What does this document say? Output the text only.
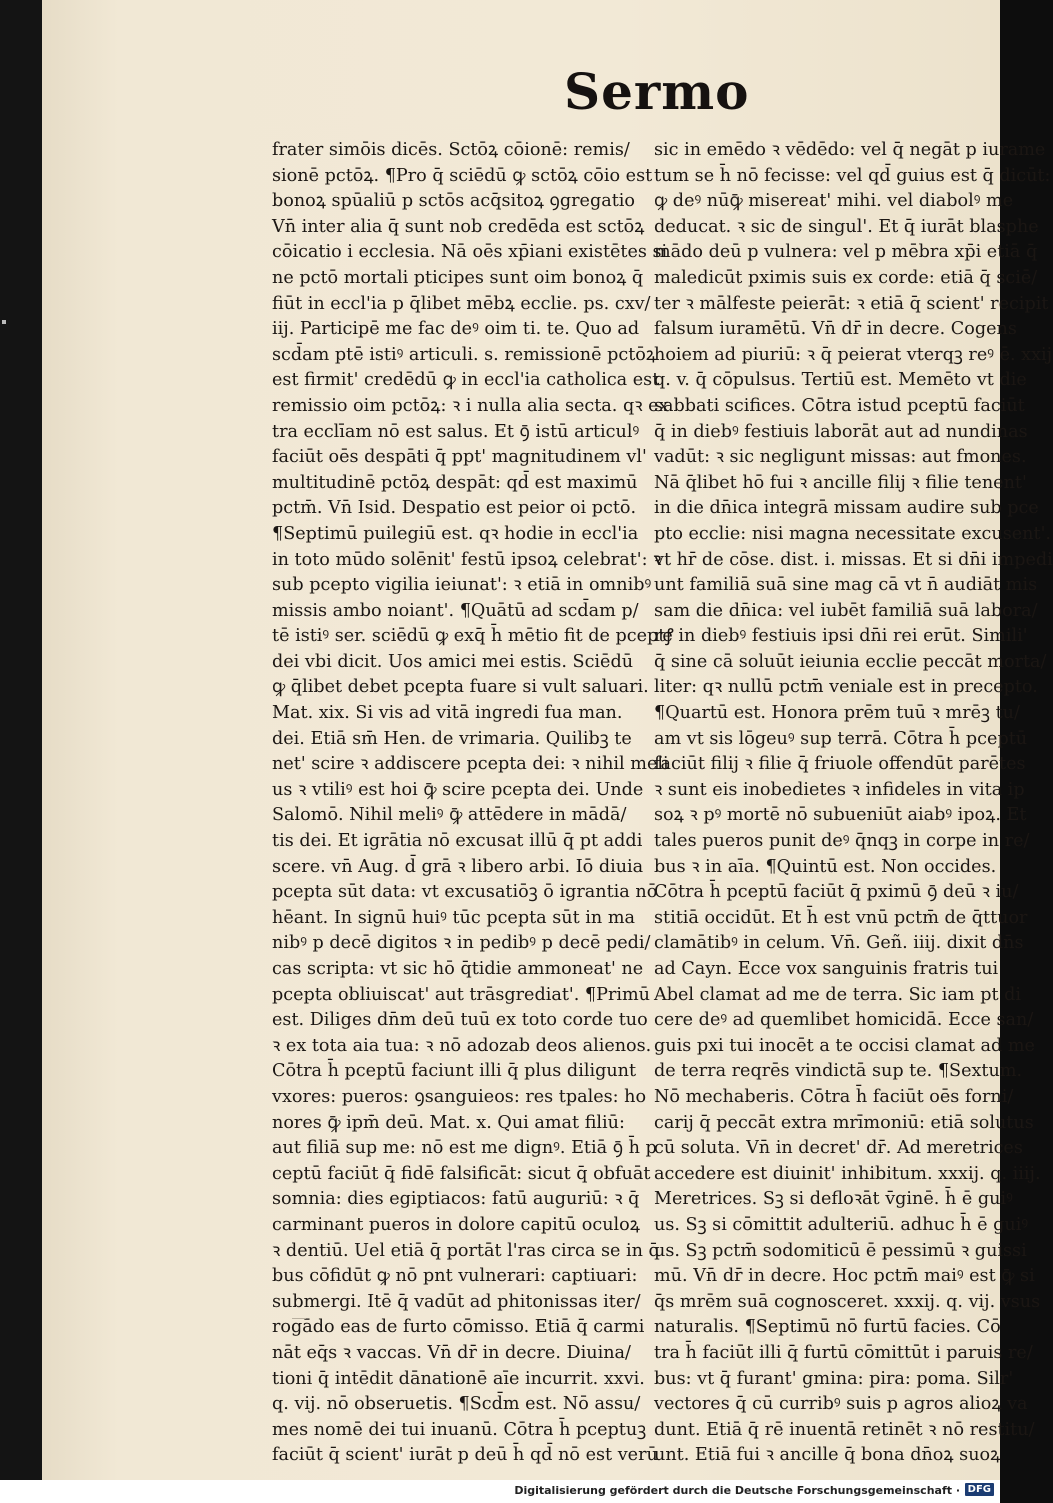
Sermo
frater simōis dicēs. Sctōꝝ cōionē: remis/
sionē pctōꝝ. ¶Pro q̄ sciēdū ꝙ sctōꝝ cōio est
bonoꝝ spūaliū p sctōs acq̄sitoꝝ ꝯgregatio
Vn̄ inter alia q̄ sunt nob credēda est sctōꝝ
cōicatio i ecclesia. Nā oēs xp̄iani existētes si
ne pctō mortali pticipes sunt oim bonoꝝ q̄
fiūt in eccl'ia p q̄libet mēbꝝ ecclie. ps. cxv/
iij. Participē me fac deꝰ oim ti. te. Quo ad
scd̄am ptē istiꝰ articuli. s. remissionē pctōꝝ
est firmit' credēdū ꝙ in eccl'ia catholica est
remissio oim pctōꝝ: ꝛ i nulla alia secta. qꝛ ex
tra ecclīam nō est salus. Et ꝯ̄ istū articulꝰ
faciūt oēs despāti q̄ ppt' magnitudinem vl'
multitudinē pctōꝝ despāt: qd̄ est maximū
pctm̄. Vn̄ Isid. Despatio est peior oi pctō.
¶Septimū puilegiū est. qꝛ hodie in eccl'ia
in toto mūdo solēnit' festū ipsoꝝ celebrat': ꝛ
sub pcepto vigilia ieiunat': ꝛ etiā in omnibꝰ
missis ambo noiant'. ¶Quātū ad scd̄am p/
tē istiꝰ ser. sciēdū ꝙ exq̄ h̄ mētio fit de pceptꝭ
dei vbi dicit. Uos amici mei estis. Sciēdū
ꝙ q̄libet debet pcepta fuare si vult saluari.
Mat. xix. Si vis ad vitā ingredi fua man.
dei. Etiā sm̄ Hen. de vrimaria. Quilibꝫ te
net' scire ꝛ addiscere pcepta dei: ꝛ nihil meli
us ꝛ vtiliꝰ est hoi ꝙ̄ scire pcepta dei. Unde
Salomō. Nihil meliꝰ ꝙ̄ attēdere in mādā/
tis dei. Et igrātia nō excusat illū q̄ pt addi
scere. vn̄ Aug. d̄ grā ꝛ libero arbi. Iō diuia
pcepta sūt data: vt excusatiōꝫ ō igrantia nō
hēant. In signū huiꝰ tūc pcepta sūt in ma
nibꝰ p decē digitos ꝛ in pedibꝰ p decē pedi/
cas scripta: vt sic hō q̄tidie ammoneat' ne
pcepta obliuiscat' aut trāsgrediat'. ¶Primū
est. Diliges dn̄m deū tuū ex toto corde tuo
ꝛ ex tota aia tua: ꝛ nō adozab deos alienos.
Cōtra h̄ pceptū faciunt illi q̄ plus diligunt
vxores: pueros: ꝯsanguieos: res tpales: ho
nores ꝙ̄ ipm̄ deū. Mat. x. Qui amat filiū:
aut filiā sup me: nō est me dignꝰ. Etiā ꝯ̄ h̄ p
ceptū faciūt q̄ fidē falsificāt: sicut q̄ obfuāt
somnia: dies egiptiacos: fatū auguriū: ꝛ q̄
carminant pueros in dolore capitū oculoꝝ
ꝛ dentiū. Uel etiā q̄ portāt l'ras circa se in q̄
bus cōfidūt ꝙ nō pnt vulnerari: captiuari:
submergi. Itē q̄ vadūt ad phitonissas iter/
rogādo eas de furto cōmisso. Etiā q̄ carmi
nāt eq̄s ꝛ vaccas. Vn̄ dr̄ in decre. Diuina/
tioni q̄ intēdit dānationē aīe incurrit. xxvi.
q. vij. nō obseruetis. ¶Scd̄m est. Nō assu/
mes nomē dei tui inuanū. Cōtra h̄ pceptuꝫ
faciūt q̄ scient' iurāt p deū h̄ qd̄ nō est verū
sic in emēdo ꝛ vēdēdo: vel q̄ negāt p iurame
tum se h̄ nō fecisse: vel qd̄ guius est q̄ dicūt:
ꝙ deꝰ nūꝙ̄ misereat' mihi. vel diabolꝰ me
deducat. ꝛ sic de singul'. Et q̄ iurāt blasphe
mādo deū p vulnera: vel p mēbra xp̄i etiā q̄
maledicūt pximis suis ex corde: etiā q̄ sciē/
ter ꝛ mālfeste peierāt: ꝛ etiā q̄ scient' recipit
falsum iuramētū. Vn̄ dr̄ in decre. Cogens
hoiem ad piuriū: ꝛ q̄ peierat vterqꝫ reꝰ ē. xxij
q. v. q̄ cōpulsus. Tertiū est. Memēto vt die
sabbati scifices. Cōtra istud pceptū faciūt
q̄ in diebꝰ festiuis laborāt aut ad nundinas
vadūt: ꝛ sic negligunt missas: aut fmones.
Nā q̄libet hō fui ꝛ ancille filij ꝛ filie tenent'
in die dn̄ica integrā missam audire sub pce
pto ecclie: nisi magna necessitate excusent'.
vt hr̄ de cōse. dist. i. missas. Et si dn̄i impedi
unt familiā suā sine mag cā vt n̄ audiāt mis
sam die dn̄ica: vel iubēt familiā suā labora/
re in diebꝰ festiuis ipsi dn̄i rei erūt. Simili'
q̄ sine cā soluūt ieiunia ecclie peccāt morta/
liter: qꝛ nullū pctm̄ veniale est in precepto.
¶Quartū est. Honora prēm tuū ꝛ mrēꝫ tu/
am vt sis lōgeuꝰ sup terrā. Cōtra h̄ pceptū
faciūt filij ꝛ filie q̄ friuole offendūt parētes
ꝛ sunt eis inobedietes ꝛ infideles in vita ip
soꝝ ꝛ pꝰ mortē nō subueniūt aiabꝰ ipoꝝ. Et
tales pueros punit deꝰ q̄nqꝫ in corpe in re/
bus ꝛ in aīa. ¶Quintū est. Non occides.
Cōtra h̄ pceptū faciūt q̄ pximū ꝯ̄ deū ꝛ iu/
stitiā occidūt. Et h̄ est vnū pctm̄ de q̄ttuor
clamātibꝰ in celum. Vn̄. Geñ. iiij. dixit dn̄s
ad Cayn. Ecce vox sanguinis fratris tui
Abel clamat ad me de terra. Sic iam pt di
cere deꝰ ad quemlibet homicidā. Ecce san/
guis pxi tui inocēt a te occisi clamat ad me
de terra reqrēs vindictā sup te. ¶Sextum.
Nō mechaberis. Cōtra h̄ faciūt oēs forni/
carij q̄ peccāt extra mrīmoniū: etiā solutus
cū soluta. Vn̄ in decret' dr̄. Ad meretrices
accedere est diuinit' inhibitum. xxxij. q. iiij.
Meretrices. Sꝫ si defloꝛāt v̄ginē. h̄ ē guiꝰ
us. Sꝫ si cōmittit adulteriū. adhuc h̄ ē guiꝰ
us. Sꝫ pctm̄ sodomiticū ē pessimū ꝛ guissi
mū. Vn̄ dr̄ in decre. Hoc pctm̄ maiꝰ est ꝙ̄ si
q̄s mrēm suā cognosceret. xxxij. q. vij. vsus
naturalis. ¶Septimū nō furtū facies. Cō
tra h̄ faciūt illi q̄ furtū cōmittūt i paruis re/
bus: vt q̄ furant' gmina: pira: poma. Silr'
vectores q̄ cū curribꝰ suis p agros alioꝝ va
dunt. Etiā q̄ rē inuentā retinēt ꝛ nō restitu/
unt. Etiā fui ꝛ ancille q̄ bona dn̄oꝝ suoꝝ
Digitalisierung gefördert durch die Deutsche Forschungsgemeinschaft · DFG
